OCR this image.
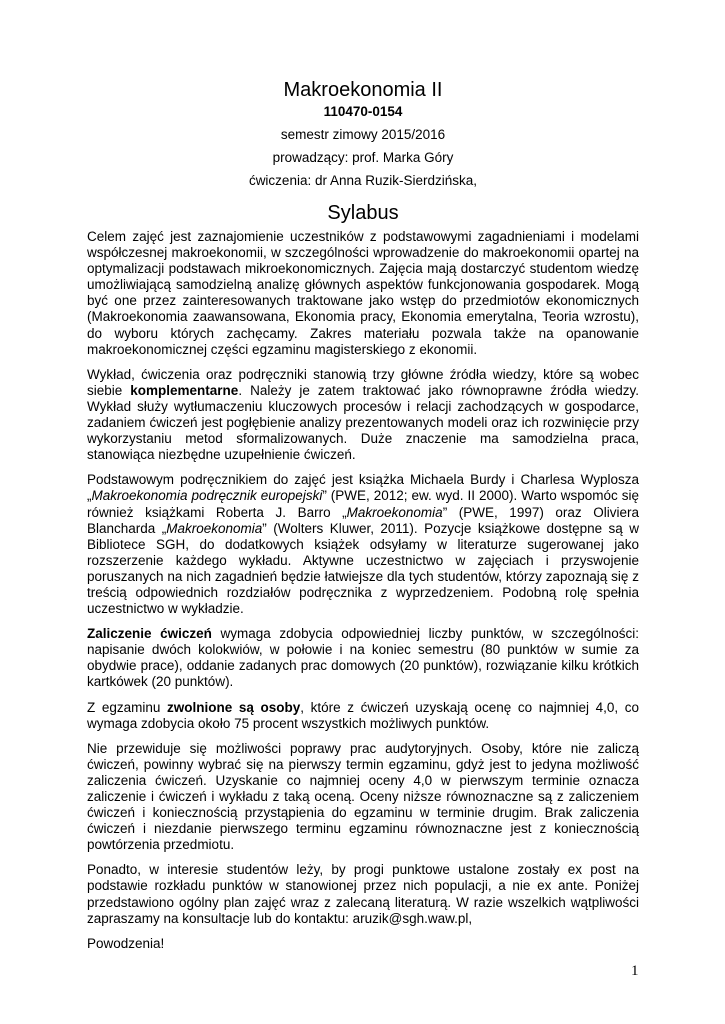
Makroekonomia II
110470-0154
semestr zimowy 2015/2016
prowadzący: prof. Marka Góry
ćwiczenia: dr Anna Ruzik-Sierdzińska,
Sylabus

Celem zajęć jest zaznajomienie uczestników z podstawowymi zagadnieniami i modelami współczesnej makroekonomii, w szczególności wprowadzenie do makroekonomii opartej na optymalizacji podstawach mikroekonomicznych. Zajęcia mają dostarczyć studentom wiedzę umożliwiającą samodzielną analizę głównych aspektów funkcjonowania gospodarek. Mogą być one przez zainteresowanych traktowane jako wstęp do przedmiotów ekonomicznych (Makroekonomia zaawansowana, Ekonomia pracy, Ekonomia emerytalna, Teoria wzrostu), do wyboru których zachęcamy. Zakres materiału pozwala także na opanowanie makroekonomicznej części egzaminu magisterskiego z ekonomii.

Wykład, ćwiczenia oraz podręczniki stanowią trzy główne źródła wiedzy, które są wobec siebie komplementarne. Należy je zatem traktować jako równoprawne źródła wiedzy. Wykład służy wytłumaczeniu kluczowych procesów i relacji zachodzących w gospodarce, zadaniem ćwiczeń jest pogłębienie analizy prezentowanych modeli oraz ich rozwinięcie przy wykorzystaniu metod sformalizowanych. Duże znaczenie ma samodzielna praca, stanowiąca niezbędne uzupełnienie ćwiczeń.

Podstawowym podręcznikiem do zajęć jest książka Michaela Burdy i Charlesa Wyplosza „Makroekonomia podręcznik europejski” (PWE, 2012; ew. wyd. II 2000). Warto wspomóc się również książkami Roberta J. Barro „Makroekonomia” (PWE, 1997) oraz Oliviera Blancharda „Makroekonomia” (Wolters Kluwer, 2011). Pozycje książkowe dostępne są w Bibliotece SGH, do dodatkowych książek odsyłamy w literaturze sugerowanej jako rozszerzenie każdego wykładu. Aktywne uczestnictwo w zajęciach i przyswojenie poruszanych na nich zagadnień będzie łatwiejsze dla tych studentów, którzy zapoznają się z treścią odpowiednich rozdziałów podręcznika z wyprzedzeniem. Podobną rolę spełnia uczestnictwo w wykładzie.

Zaliczenie ćwiczeń wymaga zdobycia odpowiedniej liczby punktów, w szczególności: napisanie dwóch kolokwiów, w połowie i na koniec semestru (80 punktów w sumie za obydwie prace), oddanie zadanych prac domowych (20 punktów), rozwiązanie kilku krótkich kartkówek (20 punktów).

Z egzaminu zwolnione są osoby, które z ćwiczeń uzyskają ocenę co najmniej 4,0, co wymaga zdobycia około 75 procent wszystkich możliwych punktów.

Nie przewiduje się możliwości poprawy prac audytoryjnych. Osoby, które nie zaliczą ćwiczeń, powinny wybrać się na pierwszy termin egzaminu, gdyż jest to jedyna możliwość zaliczenia ćwiczeń. Uzyskanie co najmniej oceny 4,0 w pierwszym terminie oznacza zaliczenie i ćwiczeń i wykładu z taką oceną. Oceny niższe równoznaczne są z zaliczeniem ćwiczeń i koniecznością przystąpienia do egzaminu w terminie drugim. Brak zaliczenia ćwiczeń i niezdanie pierwszego terminu egzaminu równoznaczne jest z koniecznością powtórzenia przedmiotu.

Ponadto, w interesie studentów leży, by progi punktowe ustalone zostały ex post na podstawie rozkładu punktów w stanowionej przez nich populacji, a nie ex ante. Poniżej przedstawiono ogólny plan zajęć wraz z zalecaną literaturą. W razie wszelkich wątpliwości zapraszamy na konsultacje lub do kontaktu: aruzik@sgh.waw.pl,

Powodzenia!

1
